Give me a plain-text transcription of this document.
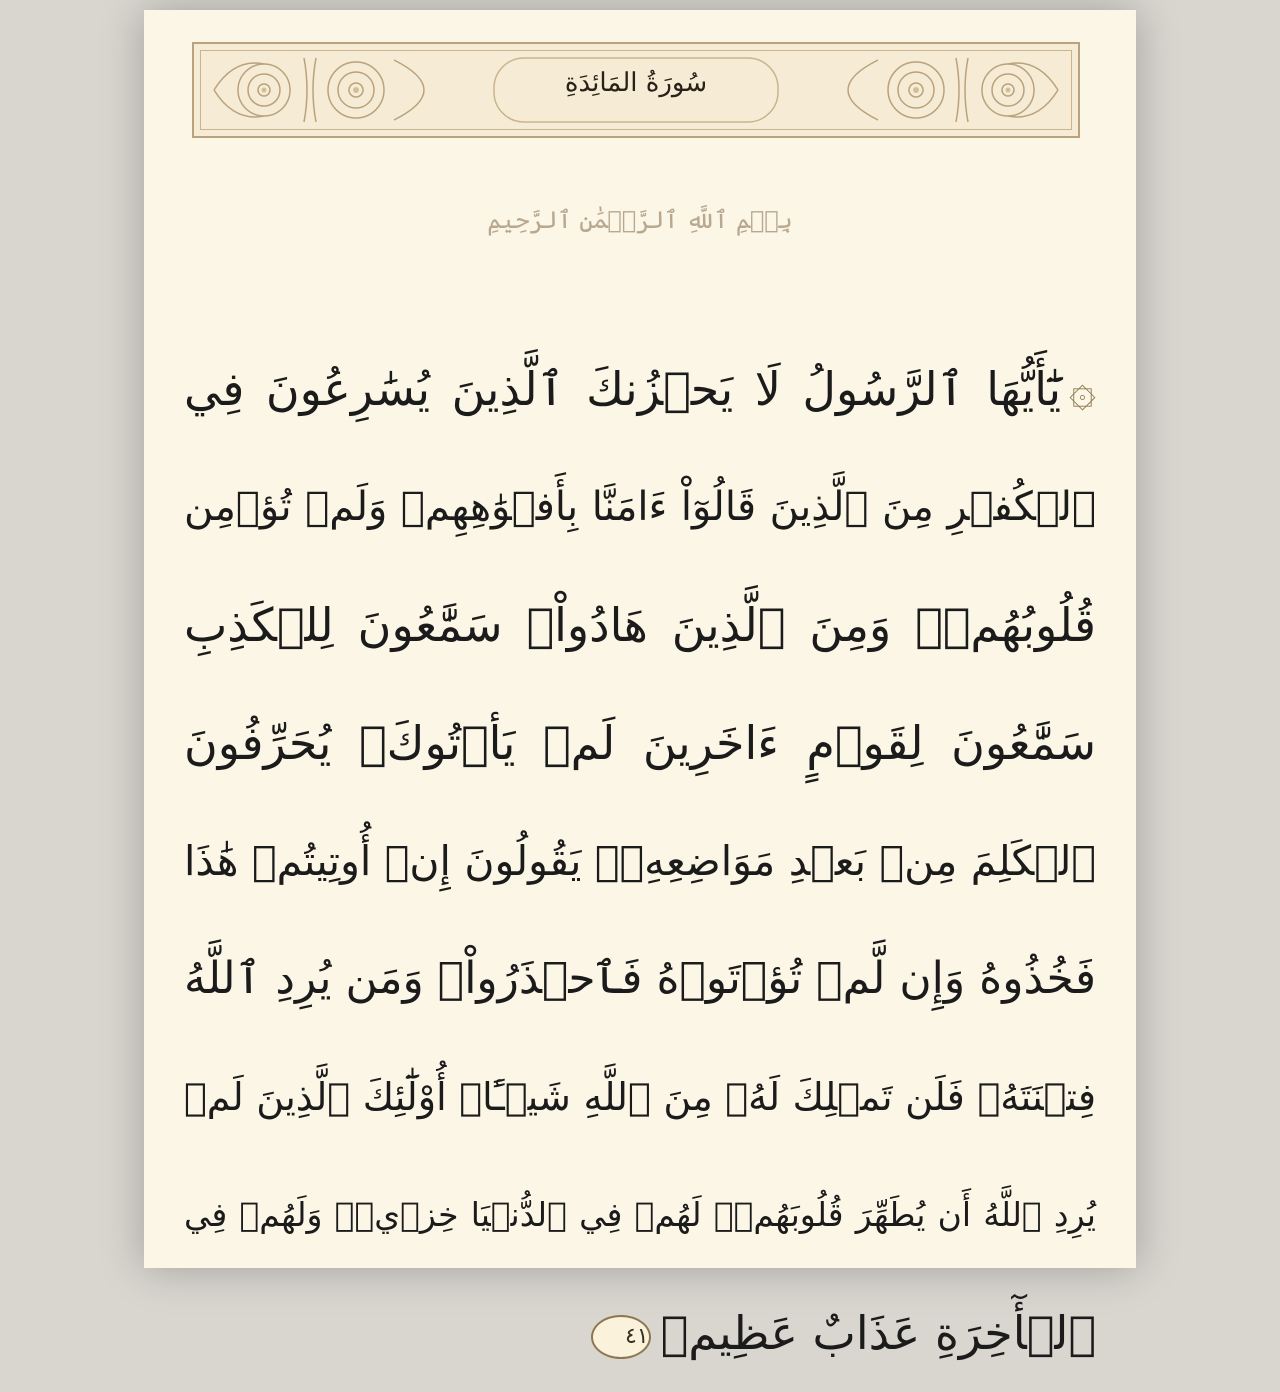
سُورَةُ المَائِدَةِ
بِسۡمِ ٱللَّهِ ٱلرَّحۡمَٰنِ ٱلرَّحِيمِ
۞يَٰٓأَيُّهَا ٱلرَّسُولُ لَا يَحۡزُنكَ ٱلَّذِينَ يُسَٰرِعُونَ فِي
ٱلۡكُفۡرِ مِنَ ٱلَّذِينَ قَالُوٓاْ ءَامَنَّا بِأَفۡوَٰهِهِمۡ وَلَمۡ تُؤۡمِن
قُلُوبُهُمۡۛ وَمِنَ ٱلَّذِينَ هَادُواْۛ سَمَّٰعُونَ لِلۡكَذِبِ
سَمَّٰعُونَ لِقَوۡمٍ ءَاخَرِينَ لَمۡ يَأۡتُوكَۖ يُحَرِّفُونَ
ٱلۡكَلِمَ مِنۢ بَعۡدِ مَوَاضِعِهِۦۖ يَقُولُونَ إِنۡ أُوتِيتُمۡ هَٰذَا
فَخُذُوهُ وَإِن لَّمۡ تُؤۡتَوۡهُ فَٱحۡذَرُواْۚ وَمَن يُرِدِ ٱللَّهُ
فِتۡنَتَهُۥ فَلَن تَمۡلِكَ لَهُۥ مِنَ ٱللَّهِ شَيۡـًٔاۚ أُوْلَٰٓئِكَ ٱلَّذِينَ لَمۡ
يُرِدِ ٱللَّهُ أَن يُطَهِّرَ قُلُوبَهُمۡۚ لَهُمۡ فِي ٱلدُّنۡيَا خِزۡيٞۖ وَلَهُمۡ فِي
ٱلۡأٓخِرَةِ عَذَابٌ عَظِيمٞ٤١
